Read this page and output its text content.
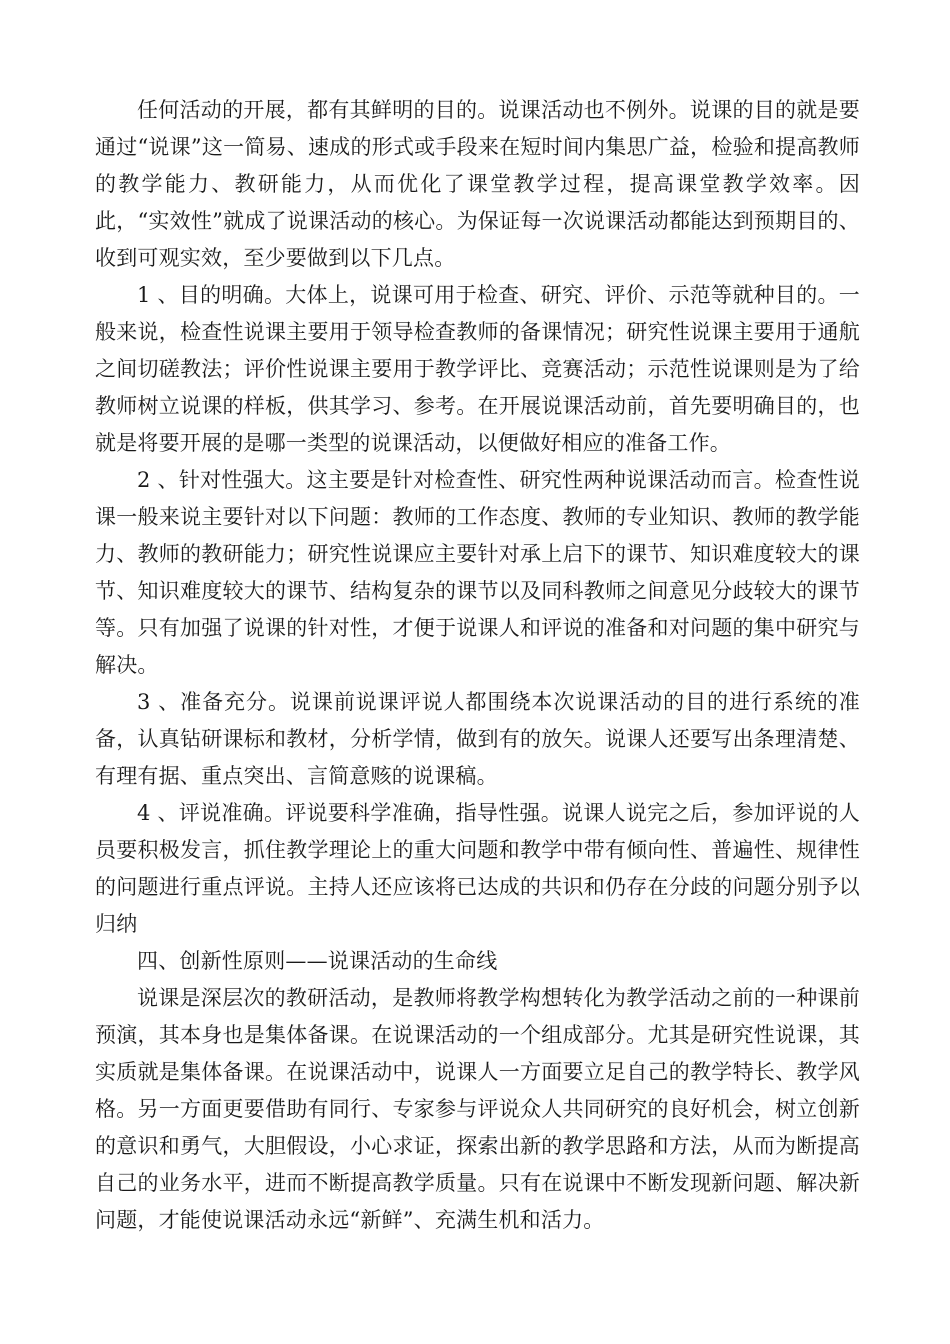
任何活动的开展，都有其鲜明的目的。说课活动也不例外。说课的目的就是要通过“说课”这一简易、速成的形式或手段来在短时间内集思广益，检验和提高教师的教学能力、教研能力，从而优化了课堂教学过程，提高课堂教学效率。因此，“实效性”就成了说课活动的核心。为保证每一次说课活动都能达到预期目的、收到可观实效，至少要做到以下几点。

1 、目的明确。大体上，说课可用于检查、研究、评价、示范等就种目的。一般来说，检查性说课主要用于领导检查教师的备课情况；研究性说课主要用于通航之间切磋教法；评价性说课主要用于教学评比、竞赛活动；示范性说课则是为了给教师树立说课的样板，供其学习、参考。在开展说课活动前，首先要明确目的，也就是将要开展的是哪一类型的说课活动，以便做好相应的准备工作。

2 、针对性强大。这主要是针对检查性、研究性两种说课活动而言。检查性说课一般来说主要针对以下问题：教师的工作态度、教师的专业知识、教师的教学能力、教师的教研能力；研究性说课应主要针对承上启下的课节、知识难度较大的课节、知识难度较大的课节、结构复杂的课节以及同科教师之间意见分歧较大的课节等。只有加强了说课的针对性，才便于说课人和评说的准备和对问题的集中研究与解决。

3 、准备充分。说课前说课评说人都围绕本次说课活动的目的进行系统的准备，认真钻研课标和教材，分析学情，做到有的放矢。说课人还要写出条理清楚、有理有据、重点突出、言简意赅的说课稿。

4 、评说准确。评说要科学准确，指导性强。说课人说完之后，参加评说的人员要积极发言，抓住教学理论上的重大问题和教学中带有倾向性、普遍性、规律性的问题进行重点评说。主持人还应该将已达成的共识和仍存在分歧的问题分别予以归纳

四、创新性原则——说课活动的生命线

说课是深层次的教研活动，是教师将教学构想转化为教学活动之前的一种课前预演，其本身也是集体备课。在说课活动的一个组成部分。尤其是研究性说课，其实质就是集体备课。在说课活动中，说课人一方面要立足自己的教学特长、教学风格。另一方面更要借助有同行、专家参与评说众人共同研究的良好机会，树立创新的意识和勇气，大胆假设，小心求证，探索出新的教学思路和方法，从而为断提高自己的业务水平，进而不断提高教学质量。只有在说课中不断发现新问题、解决新问题，才能使说课活动永远“新鲜”、充满生机和活力。
